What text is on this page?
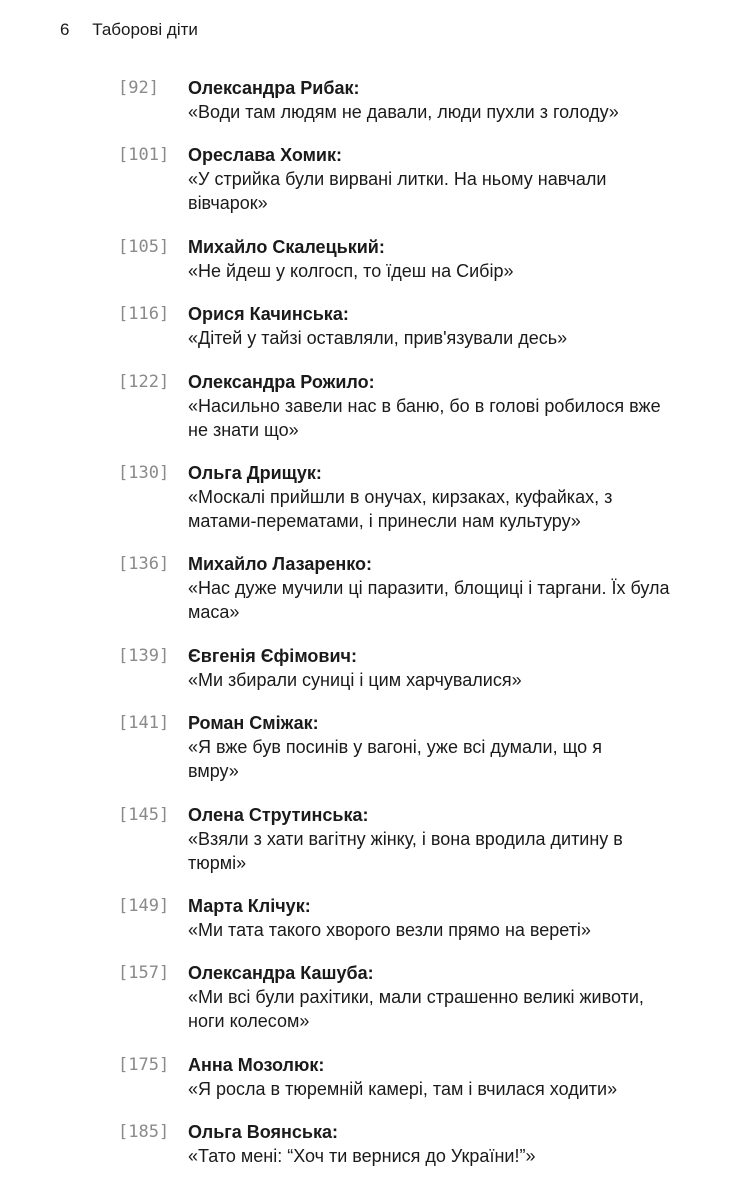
6 Таборові діти
[92]	Олександра Рибак:
«Води там людям не давали, люди пухли з голоду»
[101]	Ореслава Хомик:
«У стрийка були вирвані литки. На ньому навчали вівчарок»
[105]	Михайло Скалецький:
«Не йдеш у колгосп, то їдеш на Сибір»
[116]	Орися Качинська:
«Дітей у тайзі оставляли, прив'язували десь»
[122]	Олександра Рожило:
«Насильно завели нас в баню, бо в голові робилося вже не знати що»
[130]	Ольга Дрищук:
«Москалі прийшли в онучах, кирзаках, куфайках, з матами-перематами, і принесли нам культуру»
[136]	Михайло Лазаренко:
«Нас дуже мучили ці паразити, блощиці і таргани. Їх була маса»
[139]	Євгенія Єфімович:
«Ми збирали суниці і цим харчувалися»
[141]	Роман Сміжак:
«Я вже був посинів у вагоні, уже всі думали, що я вмру»
[145]	Олена Струтинська:
«Взяли з хати вагітну жінку, і вона вродила дитину в тюрмі»
[149]	Марта Клічук:
«Ми тата такого хворого везли прямо на вереті»
[157]	Олександра Кашуба:
«Ми всі були рахітики, мали страшенно великі животи, ноги колесом»
[175]	Анна Мозолюк:
«Я росла в тюремній камері, там і вчилася ходити»
[185]	Ольга Воянська:
«Тато мені: “Хоч ти вернися до України!”»
